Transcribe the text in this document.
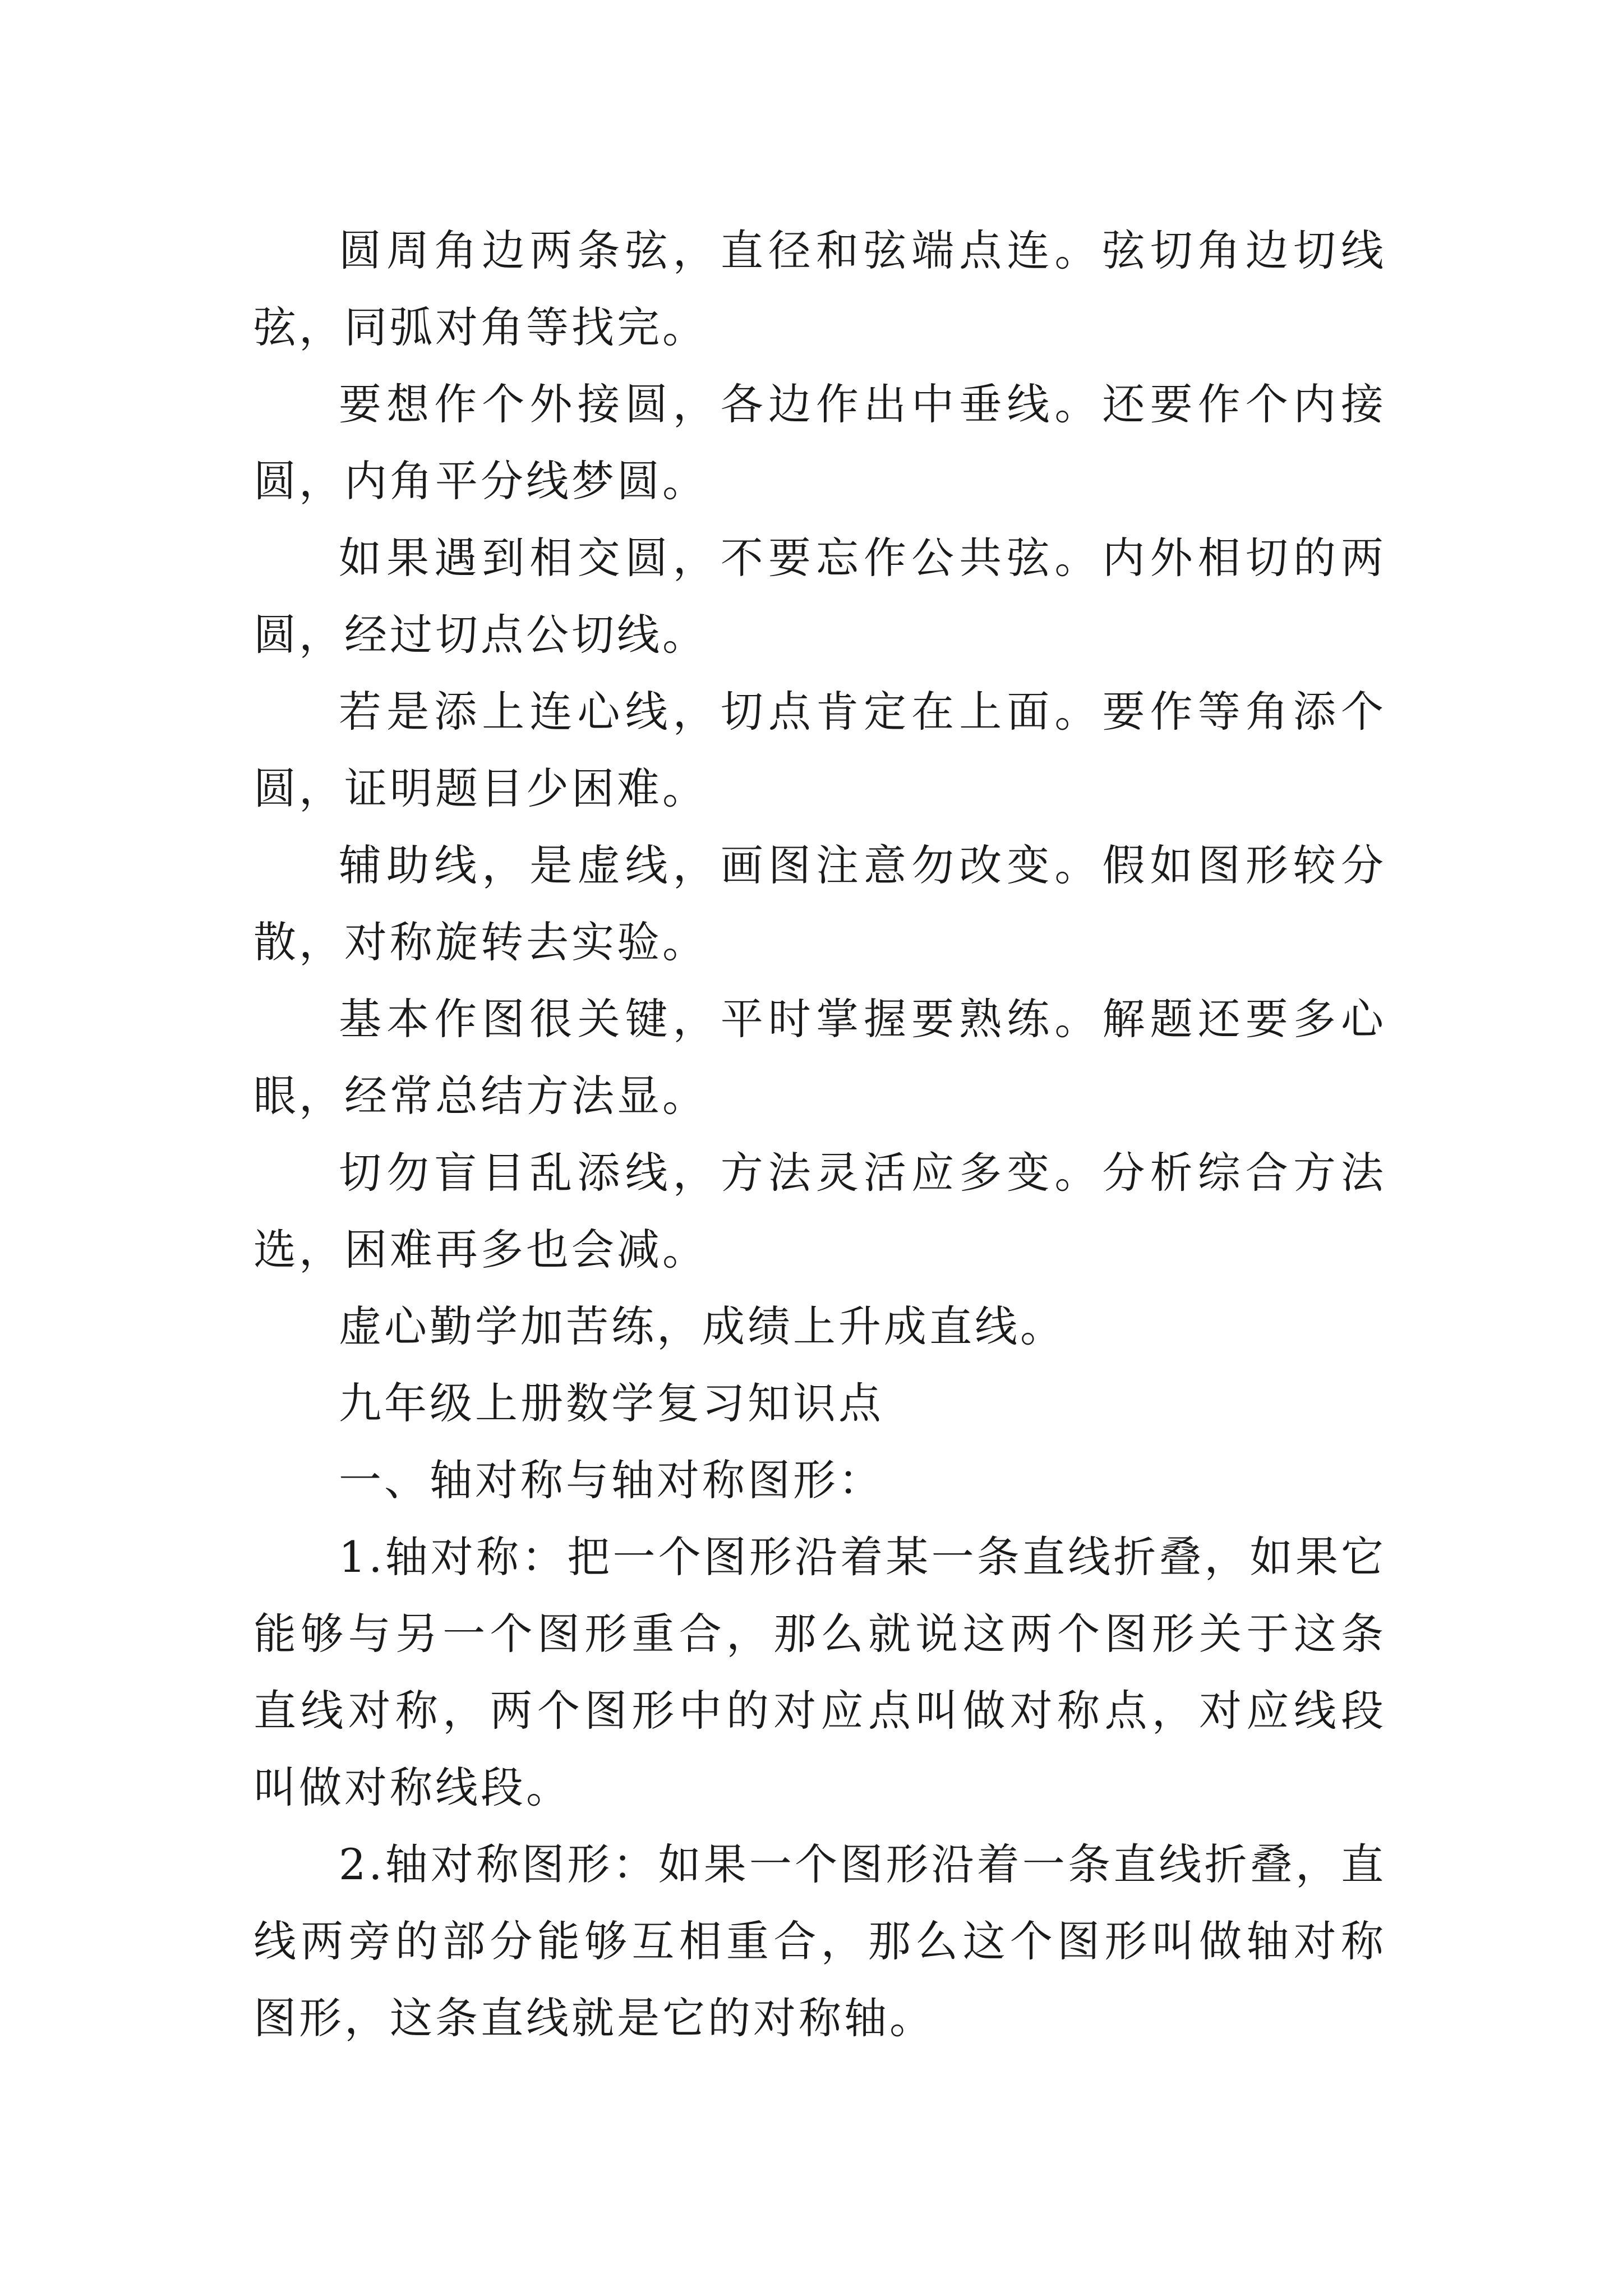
圆周角边两条弦，直径和弦端点连。弦切角边切线弦，同弧对角等找完。

要想作个外接圆，各边作出中垂线。还要作个内接圆，内角平分线梦圆。

如果遇到相交圆，不要忘作公共弦。内外相切的两圆，经过切点公切线。

若是添上连心线，切点肯定在上面。要作等角添个圆，证明题目少困难。

辅助线，是虚线，画图注意勿改变。假如图形较分散，对称旋转去实验。

基本作图很关键，平时掌握要熟练。解题还要多心眼，经常总结方法显。

切勿盲目乱添线，方法灵活应多变。分析综合方法选，困难再多也会减。

虚心勤学加苦练，成绩上升成直线。

九年级上册数学复习知识点

一、轴对称与轴对称图形：

1.轴对称：把一个图形沿着某一条直线折叠，如果它能够与另一个图形重合，那么就说这两个图形关于这条直线对称，两个图形中的对应点叫做对称点，对应线段叫做对称线段。

2.轴对称图形：如果一个图形沿着一条直线折叠，直线两旁的部分能够互相重合，那么这个图形叫做轴对称图形，这条直线就是它的对称轴。
